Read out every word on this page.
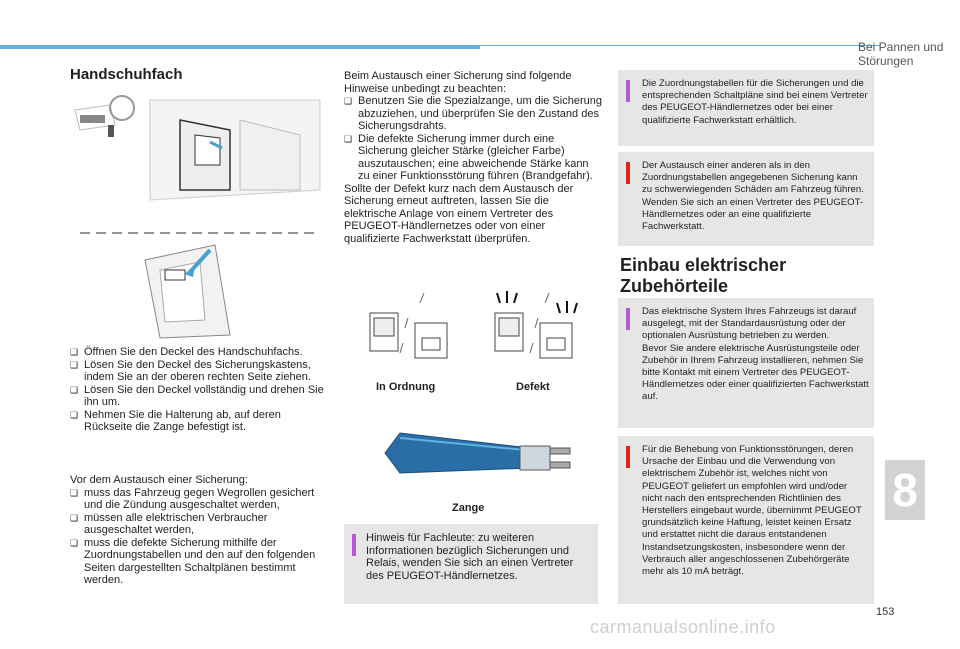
Bei Pannen und Störungen
Handschuhfach
❑ Öffnen Sie den Deckel des Handschuhfachs.
❑ Lösen Sie den Deckel des Sicherungskastens, indem Sie an der oberen rechten Seite ziehen.
❑ Lösen Sie den Deckel vollständig und drehen Sie ihn um.
❑ Nehmen Sie die Halterung ab, auf deren Rückseite die Zange befestigt ist.

Vor dem Austausch einer Sicherung:

❑ muss das Fahrzeug gegen Wegrollen gesichert und die Zündung ausgeschaltet werden,
❑ müssen alle elektrischen Verbraucher ausgeschaltet werden,
❑ muss die defekte Sicherung mithilfe der Zuordnungstabellen und den auf den folgenden Seiten dargestellten Schaltplänen bestimmt werden.

Beim Austausch einer Sicherung sind folgende Hinweise unbedingt zu beachten:

❑ Benutzen Sie die Spezialzange, um die Sicherung abzuziehen, und überprüfen Sie den Zustand des Sicherungsdrahts.
❑ Die defekte Sicherung immer durch eine Sicherung gleicher Stärke (gleicher Farbe) auszutauschen; eine abweichende Stärke kann zu einer Funktionsstörung führen (Brandgefahr).

Sollte der Defekt kurz nach dem Austausch der Sicherung erneut auftreten, lassen Sie die elektrische Anlage von einem Vertreter des PEUGEOT-Händlernetzes oder von einer qualifizierte Fachwerkstatt überprüfen.

In Ordnung	Defekt
Zange
Hinweis für Fachleute: zu weiteren Informationen bezüglich Sicherungen und Relais, wenden Sie sich an einen Vertreter des PEUGEOT-Händlernetzes.
Die Zuordnungstabellen für die Sicherungen und die entsprechenden Schaltpläne sind bei einem Vertreter des PEUGEOT-Händlernetzes oder bei einer qualifizierte Fachwerkstatt erhältlich.
Der Austausch einer anderen als in den Zuordnungstabellen angegebenen Sicherung kann zu schwerwiegenden Schäden am Fahrzeug führen. Wenden Sie sich an einen Vertreter des PEUGEOT-Händlernetzes oder an eine qualifizierte Fachwerkstatt.
Einbau elektrischer Zubehörteile
Das elektrische System Ihres Fahrzeugs ist darauf ausgelegt, mit der Standardausrüstung oder der optionalen Ausrüstung betrieben zu werden.
Bevor Sie andere elektrische Ausrüstungsteile oder Zubehör in Ihrem Fahrzeug installieren, nehmen Sie bitte Kontakt mit einem Vertreter des PEUGEOT-Händlernetzes oder einer qualifizierten Fachwerkstatt auf.
Für die Behebung von Funktionsstörungen, deren Ursache der Einbau und die Verwendung von elektrischem Zubehör ist, welches nicht von PEUGEOT geliefert un empfohlen wird und/oder nicht nach den entsprechenden Richtlinien des Herstellers eingebaut wurde, übernimmt PEUGEOT grundsätzlich keine Haftung, leistet keinen Ersatz und erstattet nicht die daraus entstandenen Instandsetzungskosten, insbesondere wenn der Verbrauch aller angeschlossenen Zubehörgeräte mehr als 10 mA beträgt.
8
153
carmanualsonline.info
